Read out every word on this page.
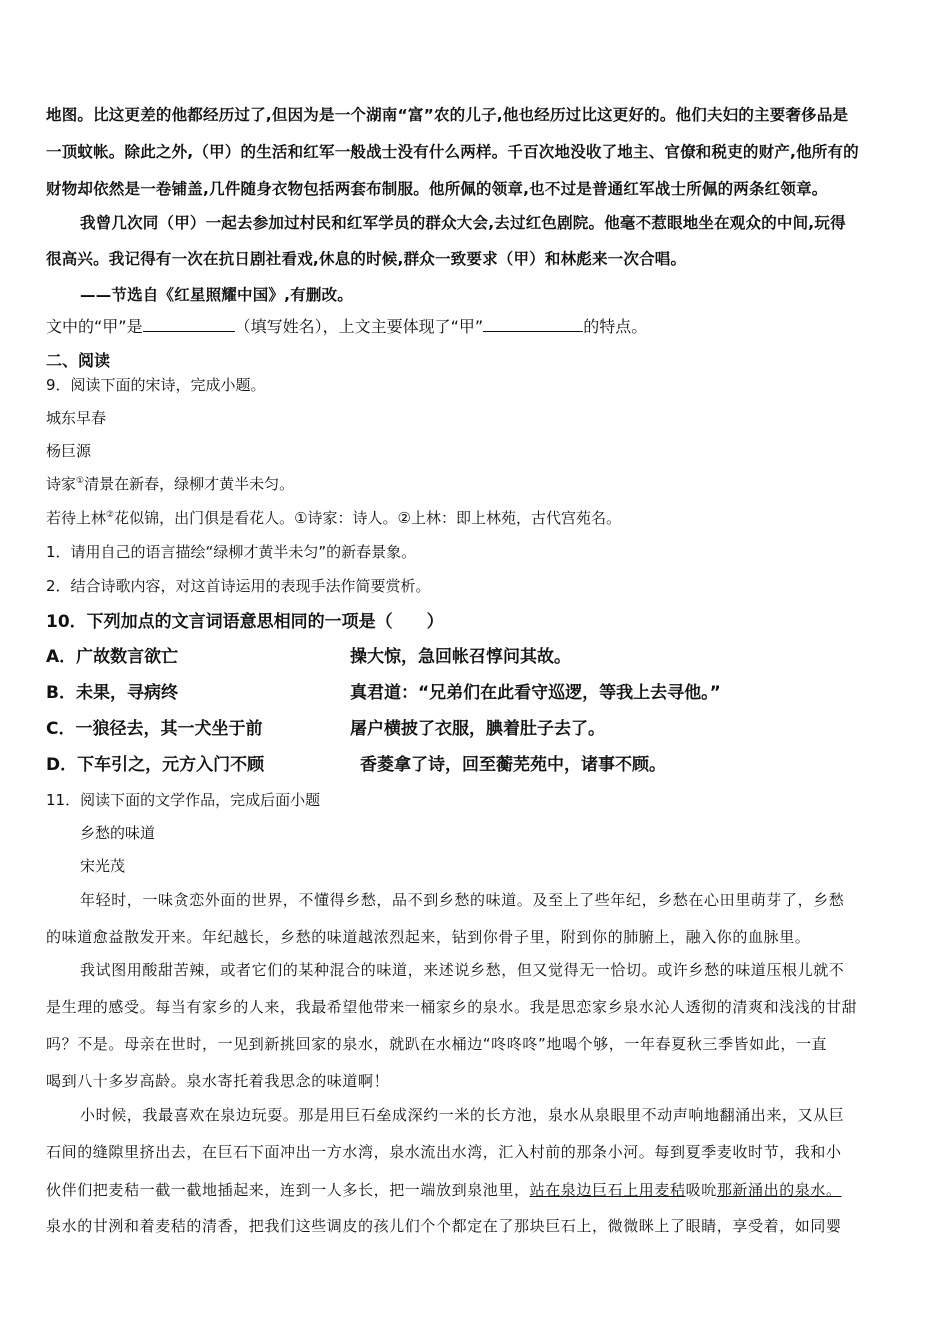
地图。比这更差的他都经历过了,但因为是一个湖南“富”农的儿子,他也经历过比这更好的。他们夫妇的主要奢侈品是
一顶蚊帐。除此之外,（甲）的生活和红军一般战士没有什么两样。千百次地没收了地主、官僚和税吏的财产,他所有的
财物却依然是一卷铺盖,几件随身衣物包括两套布制服。他所佩的领章,也不过是普通红军战士所佩的两条红领章。
我曾几次同（甲）一起去参加过村民和红军学员的群众大会,去过红色剧院。他毫不惹眼地坐在观众的中间,玩得
很高兴。我记得有一次在抗日剧社看戏,休息的时候,群众一致要求（甲）和林彪来一次合唱。
——节选自《红星照耀中国》,有删改。
文中的“甲”是	（填写姓名），上文主要体现了“甲”	的特点。
二、阅读
9．阅读下面的宋诗，完成小题。
城东早春
杨巨源
诗家①清景在新春，绿柳才黄半未匀。
若待上林②花似锦，出门俱是看花人。①诗家：诗人。②上林：即上林苑，古代宫苑名。
1．请用自己的语言描绘“绿柳才黄半未匀”的新春景象。
2．结合诗歌内容，对这首诗运用的表现手法作简要赏析。
10．下列加点的文言词语意思相同的一项是（　　）
A．广故数言欲亡	操大惊，急回帐召惇问其故。
B．未果，寻病终	真君道：“兄弟们在此看守巡逻，等我上去寻他。”
C．一狼径去，其一犬坐于前	屠户横披了衣服，腆着肚子去了。
D．下车引之，元方入门不顾	香菱拿了诗，回至蘅芜苑中，诸事不顾。
11．阅读下面的文学作品，完成后面小题
乡愁的味道
宋光茂
年轻时，一味贪恋外面的世界，不懂得乡愁，品不到乡愁的味道。及至上了些年纪，乡愁在心田里萌芽了，乡愁
的味道愈益散发开来。年纪越长，乡愁的味道越浓烈起来，钻到你骨子里，附到你的肺腑上，融入你的血脉里。
我试图用酸甜苦辣，或者它们的某种混合的味道，来述说乡愁，但又觉得无一恰切。或许乡愁的味道压根儿就不
是生理的感受。每当有家乡的人来，我最希望他带来一桶家乡的泉水。我是思恋家乡泉水沁人透彻的清爽和浅浅的甘甜
吗？不是。母亲在世时，一见到新挑回家的泉水，就趴在水桶边“咚咚咚”地喝个够，一年春夏秋三季皆如此，一直
喝到八十多岁高龄。泉水寄托着我思念的味道啊！
小时候，我最喜欢在泉边玩耍。那是用巨石垒成深约一米的长方池，泉水从泉眼里不动声响地翻涌出来，又从巨
石间的缝隙里挤出去，在巨石下面冲出一方水湾，泉水流出水湾，汇入村前的那条小河。每到夏季麦收时节，我和小
伙伴们把麦秸一截一截地插起来，连到一人多长，把一端放到泉池里，站在泉边巨石上用麦秸吸吮那新涌出的泉水。
泉水的甘洌和着麦秸的清香，把我们这些调皮的孩儿们个个都定在了那块巨石上，微微眯上了眼睛，享受着，如同婴
